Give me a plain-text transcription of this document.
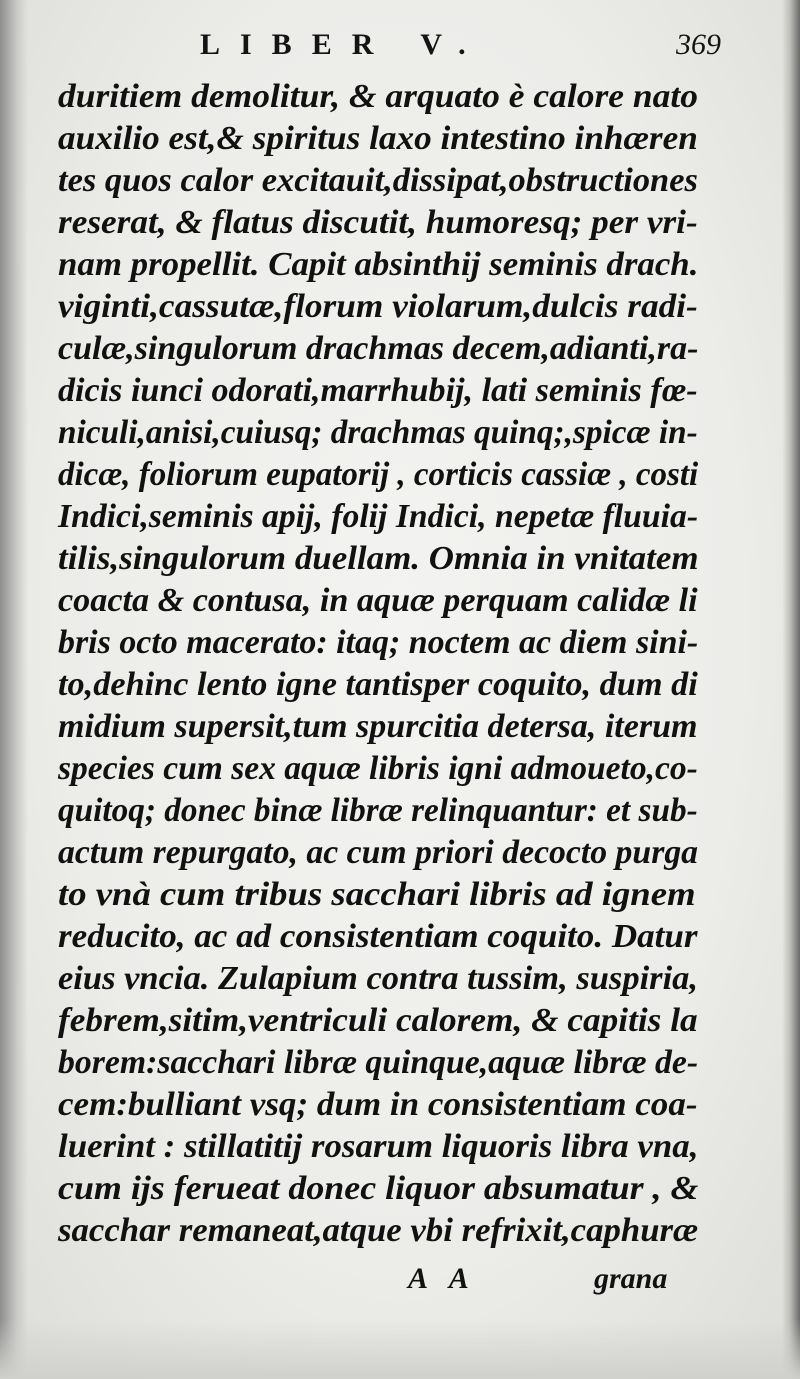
LIBER V.	369
duritiem demolitur, & arquato è calore nato
auxilio est,& spiritus laxo intestino inhæren
tes quos calor excitauit,dissipat,obstructiones
reserat, & flatus discutit, humoresq; per vri-
nam propellit. Capit absinthij seminis drach.
viginti,cassutæ,florum violarum,dulcis radi-
culæ,singulorum drachmas decem,adianti,ra-
dicis iunci odorati,marrhubij, lati seminis fœ-
niculi,anisi,cuiusq; drachmas quinq;,spicæ in-
dicæ, foliorum eupatorij , corticis cassiæ , costi
Indici,seminis apij, folij Indici, nepetæ fluuia-
tilis,singulorum duellam. Omnia in vnitatem
coacta & contusa, in aquæ perquam calidæ li
bris octo macerato: itaq; noctem ac diem sini-
to,dehinc lento igne tantisper coquito, dum di
midium supersit,tum spurcitia detersa, iterum
species cum sex aquæ libris igni admoueto,co-
quitoq; donec binæ libræ relinquantur: et sub-
actum repurgato, ac cum priori decocto purga
to vnà cum tribus sacchari libris ad ignem
reducito, ac ad consistentiam coquito. Datur
eius vncia. Zulapium contra tussim, suspiria,
febrem,sitim,ventriculi calorem, & capitis la
borem:sacchari libræ quinque,aquæ libræ de-
cem:bulliant vsq; dum in consistentiam coa-
luerint : stillatitij rosarum liquoris libra vna,
cum ijs ferueat donec liquor absumatur , &
sacchar remaneat,atque vbi refrixit,caphuræ
A A	grana
